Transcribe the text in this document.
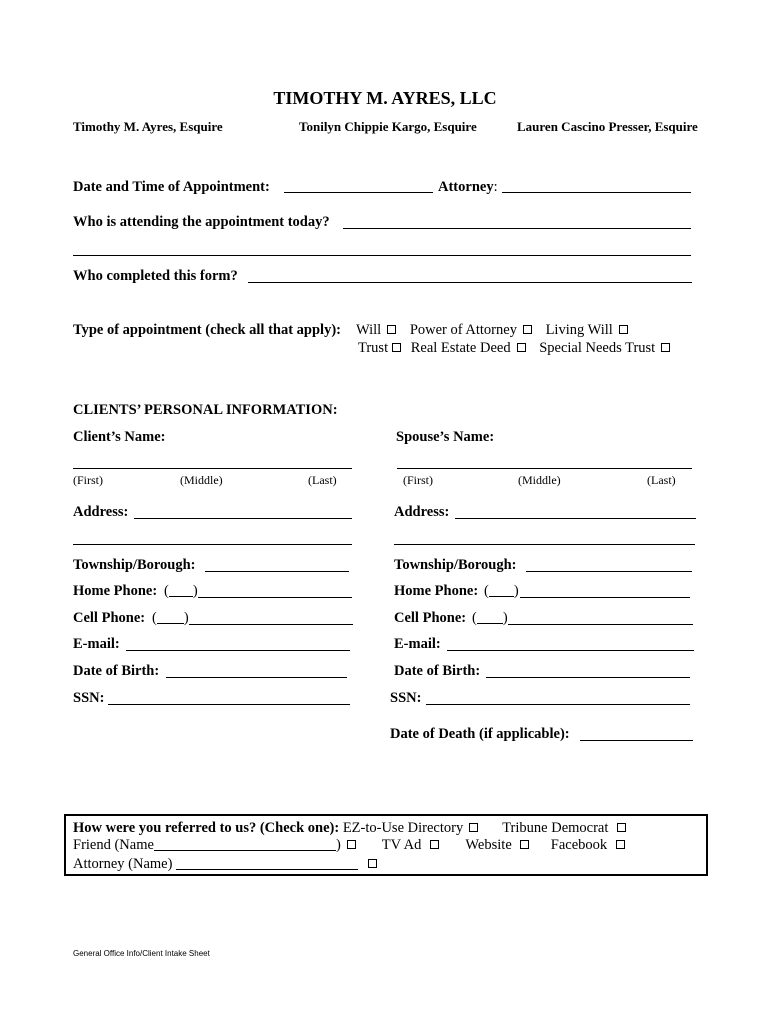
TIMOTHY M. AYRES, LLC
Timothy M. Ayres, Esquire	Tonilyn Chippie Kargo, Esquire	Lauren Cascino Presser, Esquire
Date and Time of Appointment:	Attorney:
Who is attending the appointment today?
Who completed this form?
Type of appointment (check all that apply): Will Power of Attorney Living Will
Trust Real Estate Deed Special Needs Trust
CLIENTS’ PERSONAL INFORMATION:
Client’s Name:	Spouse’s Name:
(First)	(Middle)	(Last)	(First)	(Middle)	(Last)
Address:	Address:
Township/Borough:	Township/Borough:
Home Phone: ( )	Home Phone: ( )
Cell Phone: ( )	Cell Phone: ( )
E-mail:	E-mail:
Date of Birth:	Date of Birth:
SSN:	SSN:
Date of Death (if applicable):
How were you referred to us? (Check one): EZ-to-Use Directory	Tribune Democrat
Friend (Name	)	TV Ad	Website	Facebook
Attorney (Name)
General Office Info/Client Intake Sheet
